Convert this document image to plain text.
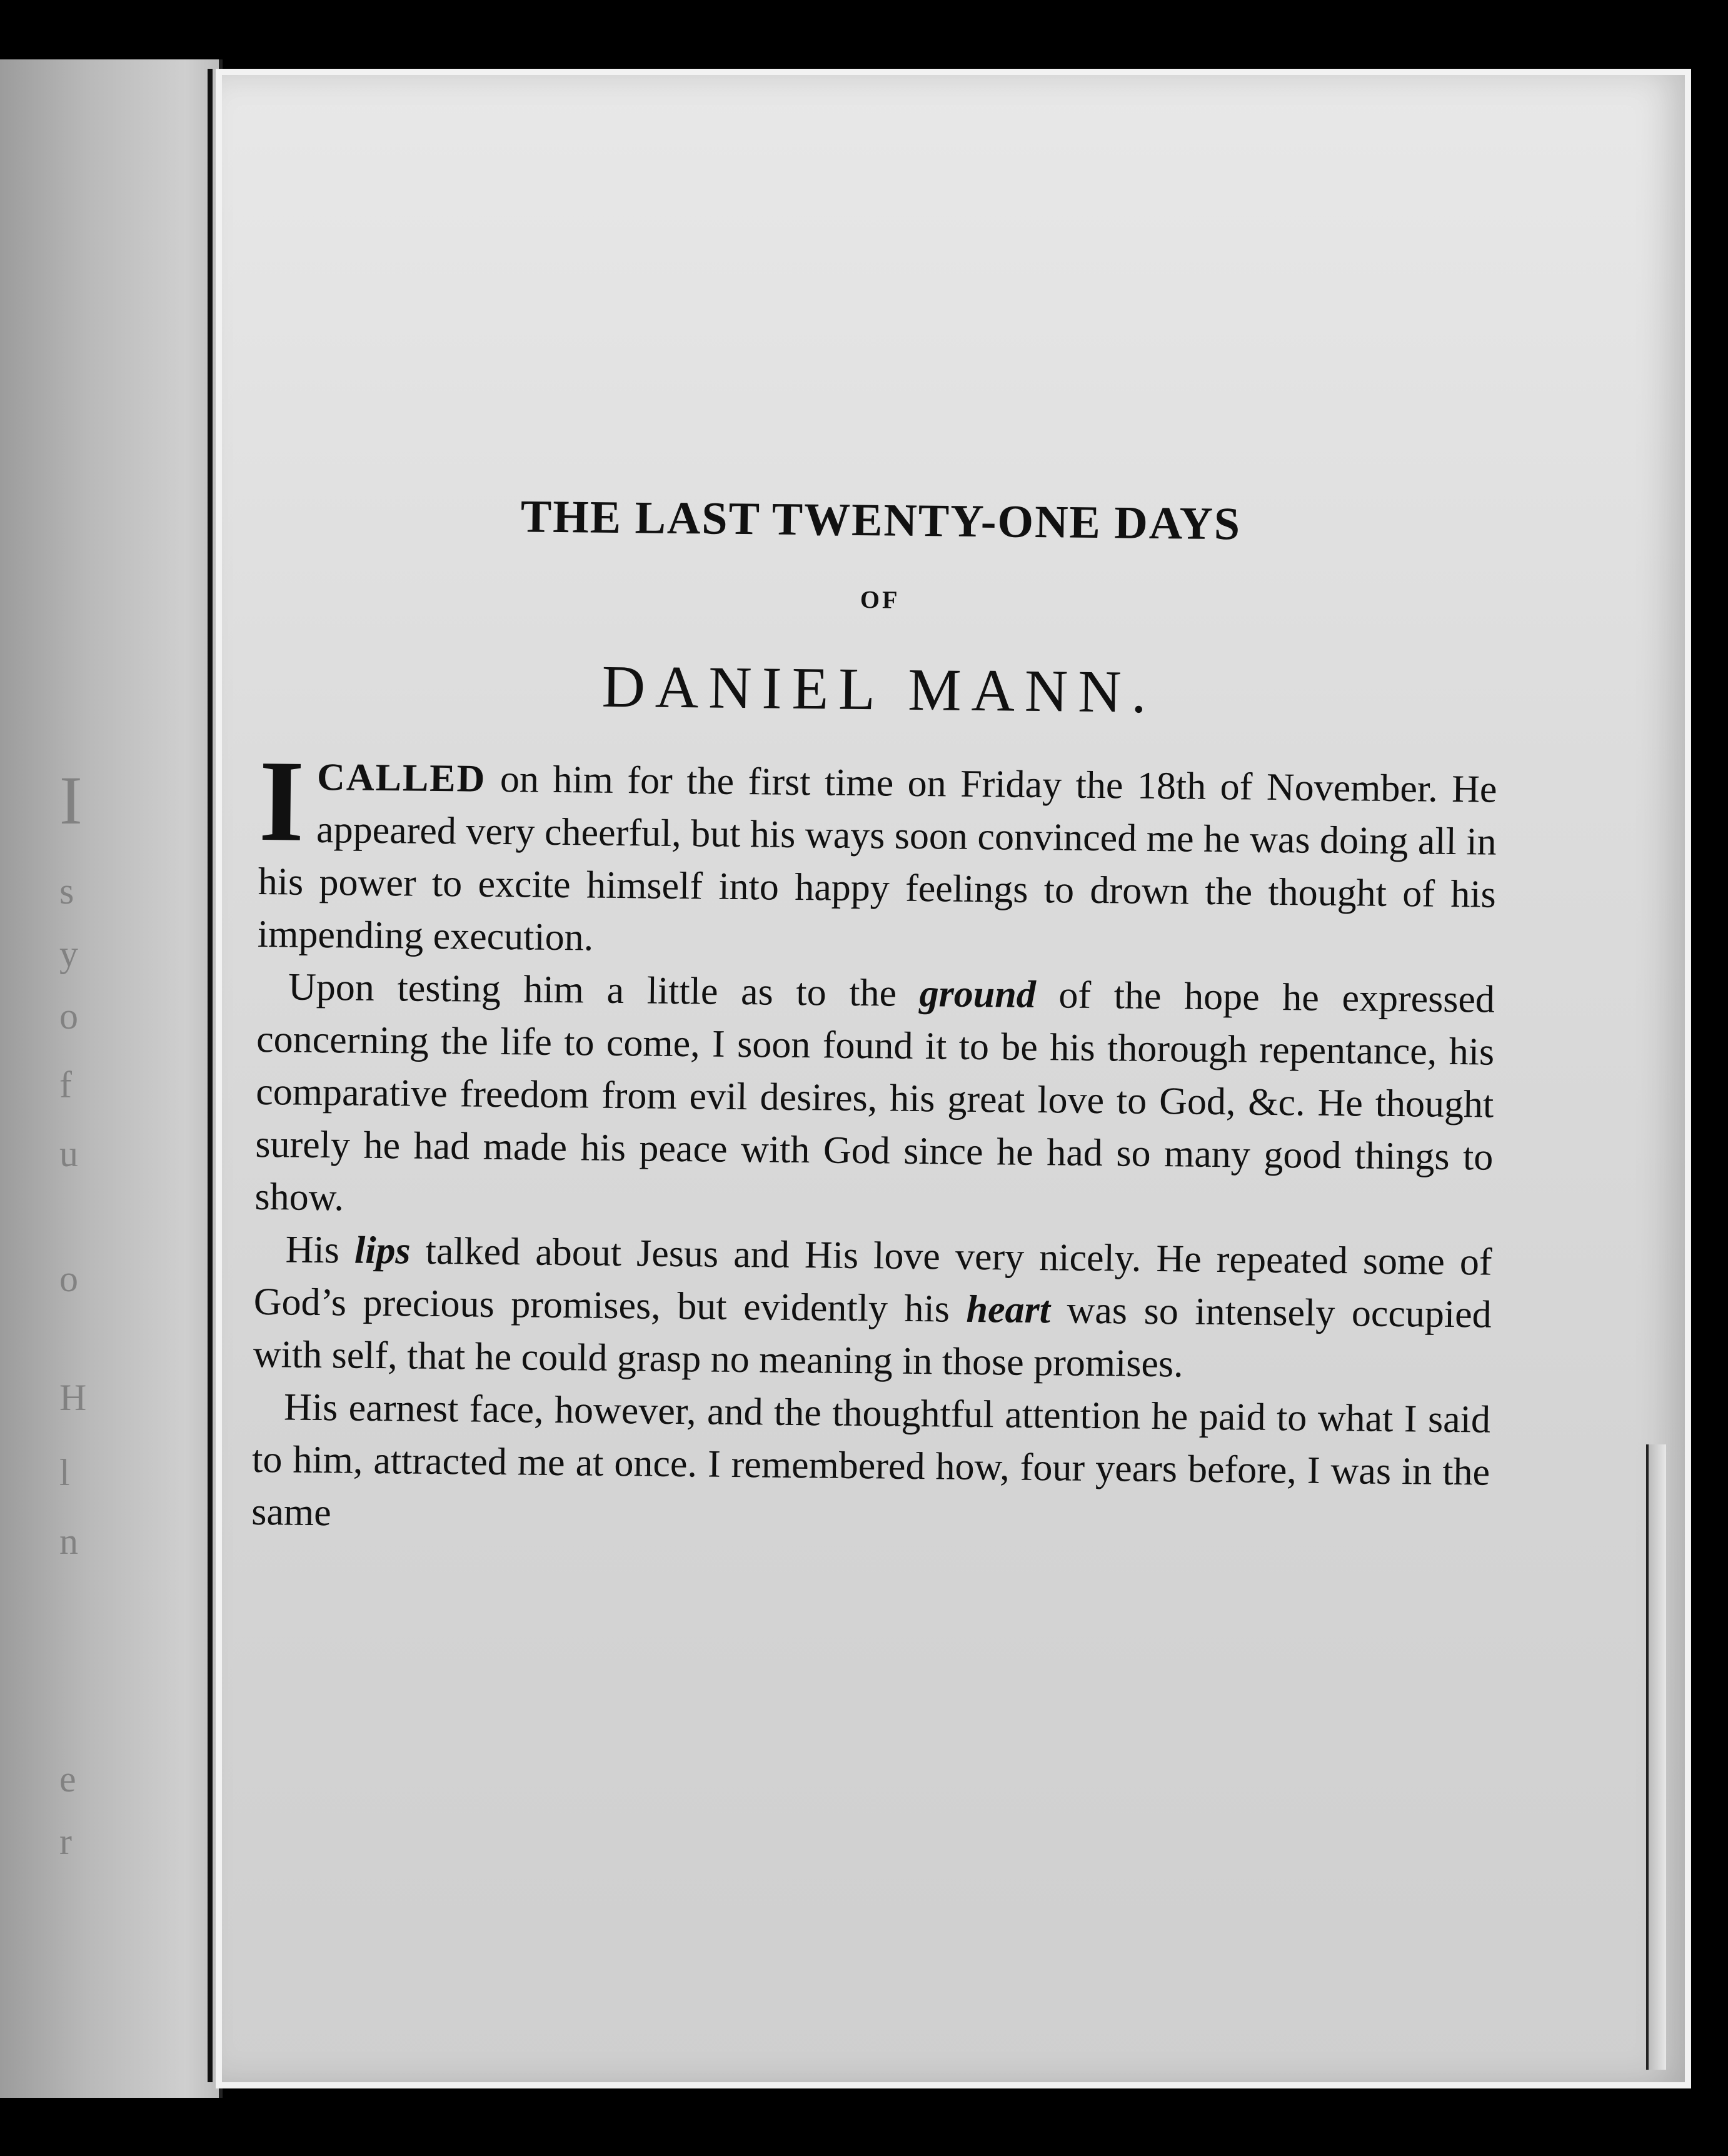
I
s
y
o
f
u
o
H
l
n
e
r
THE LAST TWENTY-ONE DAYS
OF
DANIEL MANN.

ICALLED on him for the first time on Friday the 18th of November. He appeared very cheerful, but his ways soon convinced me he was doing all in his power to excite himself into happy feelings to drown the thought of his impending execution.

Upon testing him a little as to the ground of the hope he expressed concerning the life to come, I soon found it to be his thorough repentance, his comparative freedom from evil desires, his great love to God, &c. He thought surely he had made his peace with God since he had so many good things to show.

His lips talked about Jesus and His love very nicely. He repeated some of God’s precious promises, but evidently his heart was so intensely occupied with self, that he could grasp no meaning in those promises.

His earnest face, however, and the thoughtful attention he paid to what I said to him, attracted me at once. I remembered how, four years before, I was in the same
